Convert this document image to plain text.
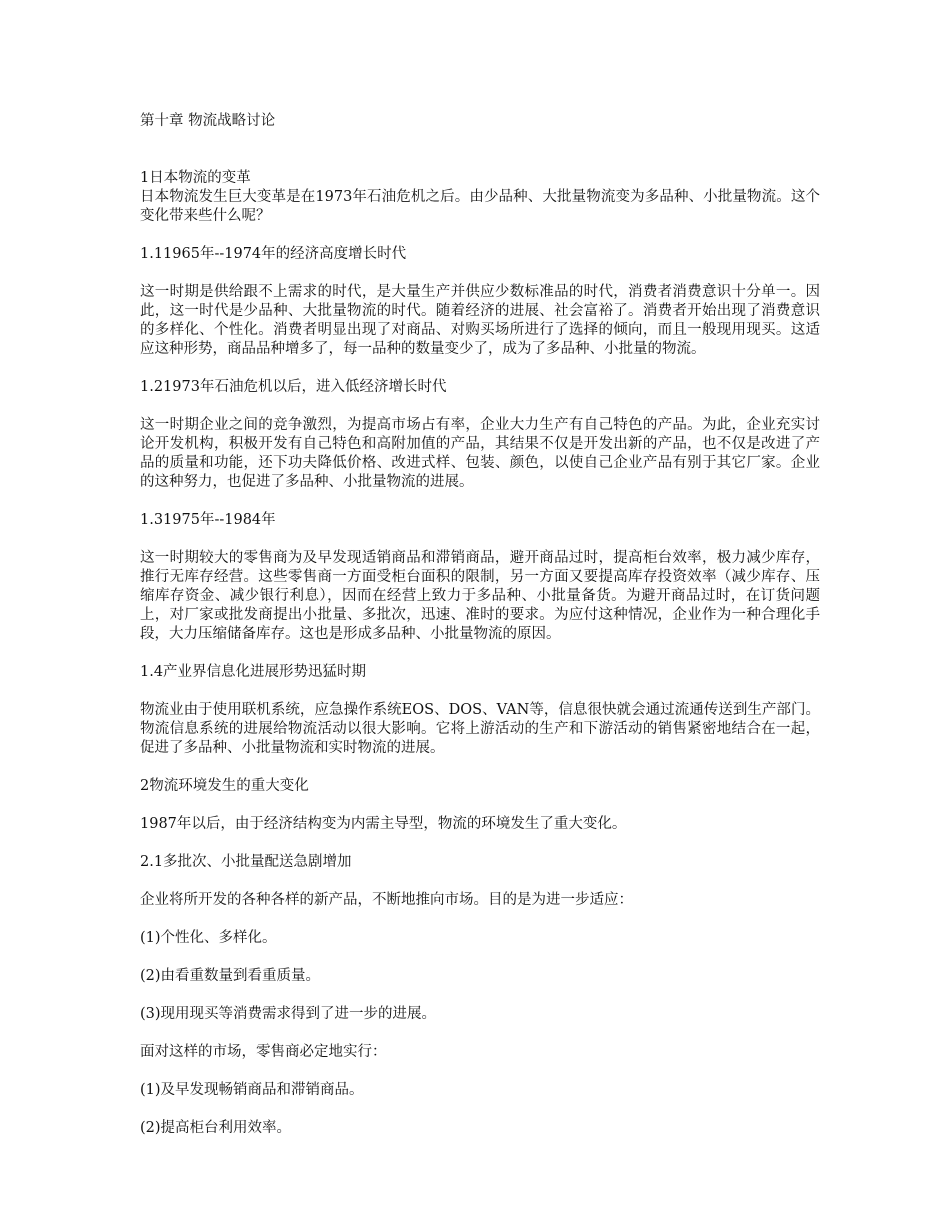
第十章 物流战略讨论
1日本物流的变革

日本物流发生巨大变革是在1973年石油危机之后。由少品种、大批量物流变为多品种、小批量物流。这个变化带来些什么呢？

1.11965年--1974年的经济高度增长时代

这一时期是供给跟不上需求的时代，是大量生产并供应少数标准品的时代，消费者消费意识十分单一。因此，这一时代是少品种、大批量物流的时代。随着经济的进展、社会富裕了。消费者开始出现了消费意识的多样化、个性化。消费者明显出现了对商品、对购买场所进行了选择的倾向，而且一般现用现买。这适应这种形势，商品品种增多了，每一品种的数量变少了，成为了多品种、小批量的物流。

1.21973年石油危机以后，进入低经济增长时代

这一时期企业之间的竞争激烈，为提高市场占有率，企业大力生产有自己特色的产品。为此，企业充实讨论开发机构，积极开发有自己特色和高附加值的产品，其结果不仅是开发出新的产品，也不仅是改进了产品的质量和功能，还下功夫降低价格、改进式样、包装、颜色，以使自己企业产品有别于其它厂家。企业的这种努力，也促进了多品种、小批量物流的进展。

1.31975年--1984年

这一时期较大的零售商为及早发现适销商品和滞销商品，避开商品过时，提高柜台效率，极力减少库存，推行无库存经营。这些零售商一方面受柜台面积的限制，另一方面又要提高库存投资效率（减少库存、压缩库存资金、减少银行利息），因而在经营上致力于多品种、小批量备货。为避开商品过时，在订货问题上，对厂家或批发商提出小批量、多批次，迅速、准时的要求。为应付这种情况，企业作为一种合理化手段，大力压缩储备库存。这也是形成多品种、小批量物流的原因。

1.4产业界信息化进展形势迅猛时期

物流业由于使用联机系统，应急操作系统EOS、DOS、VAN等，信息很快就会通过流通传送到生产部门。物流信息系统的进展给物流活动以很大影响。它将上游活动的生产和下游活动的销售紧密地结合在一起，促进了多品种、小批量物流和实时物流的进展。

2物流环境发生的重大变化

1987年以后，由于经济结构变为内需主导型，物流的环境发生了重大变化。

2.1多批次、小批量配送急剧增加

企业将所开发的各种各样的新产品，不断地推向市场。目的是为进一步适应：

(1)个性化、多样化。

(2)由看重数量到看重质量。

(3)现用现买等消费需求得到了进一步的进展。

面对这样的市场，零售商必定地实行：

(1)及早发现畅销商品和滞销商品。

(2)提高柜台利用效率。
